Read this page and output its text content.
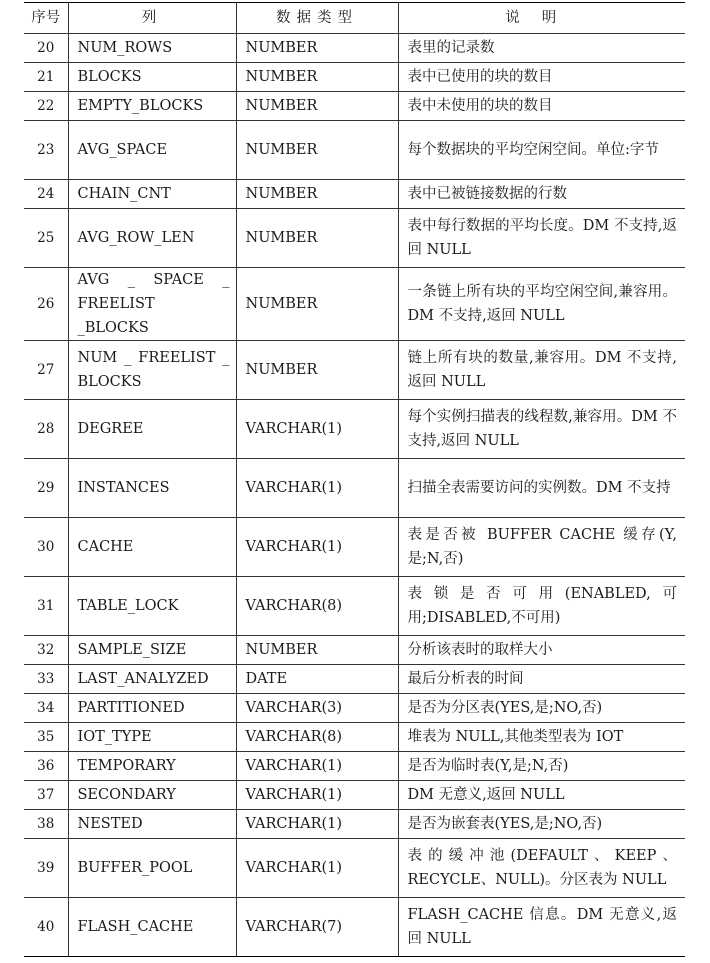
序号	列	数据类型	说明
20	NUM_ROWS	NUMBER	表里的记录数
21	BLOCKS	NUMBER	表中已使用的块的数目
22	EMPTY_BLOCKS	NUMBER	表中未使用的块的数目
23	AVG_SPACE	NUMBER	每个数据块的平均空闲空间。单位:字节
24	CHAIN_CNT	NUMBER	表中已被链接数据的行数
25	AVG_ROW_LEN	NUMBER	表中每行数据的平均长度。DM 不支持,返回 NULL
26	AVG _ SPACE _ FREELIST _BLOCKS	NUMBER	一条链上所有块的平均空闲空间,兼容用。DM 不支持,返回 NULL
27	NUM _ FREELIST _ BLOCKS	NUMBER	链上所有块的数量,兼容用。DM 不支持,返回 NULL
28	DEGREE	VARCHAR(1)	每个实例扫描表的线程数,兼容用。DM 不支持,返回 NULL
29	INSTANCES	VARCHAR(1)	扫描全表需要访问的实例数。DM 不支持
30	CACHE	VARCHAR(1)	表是否被 BUFFER CACHE 缓存(Y,是;N,否)
31	TABLE_LOCK	VARCHAR(8)	表锁是否可用(ENABLED,可用;DISABLED,不可用)
32	SAMPLE_SIZE	NUMBER	分析该表时的取样大小
33	LAST_ANALYZED	DATE	最后分析表的时间
34	PARTITIONED	VARCHAR(3)	是否为分区表(YES,是;NO,否)
35	IOT_TYPE	VARCHAR(8)	堆表为 NULL,其他类型表为 IOT
36	TEMPORARY	VARCHAR(1)	是否为临时表(Y,是;N,否)
37	SECONDARY	VARCHAR(1)	DM 无意义,返回 NULL
38	NESTED	VARCHAR(1)	是否为嵌套表(YES,是;NO,否)
39	BUFFER_POOL	VARCHAR(1)	表的缓冲池(DEFAULT、KEEP、RECYCLE、NULL)。分区表为 NULL
40	FLASH_CACHE	VARCHAR(7)	FLASH_CACHE 信息。DM 无意义,返回 NULL
